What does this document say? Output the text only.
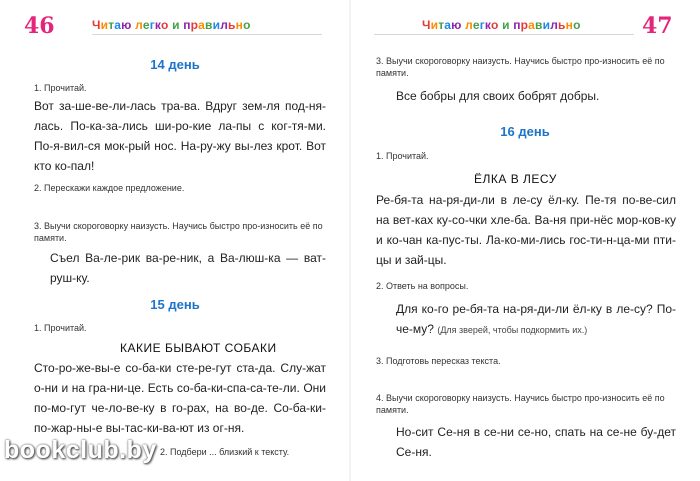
46	Читаю легко и правильно
14 день
1. Прочитай.
Вот за-ше-ве-ли-лась тра-ва. Вдруг зем-ля под-ня-лась. По-ка-за-лись ши-ро-кие ла-пы с ког-тя-ми. По-я-вил-ся мок-рый нос. На-ру-жу вы-лез крот. Вот кто ко-пал!
2. Перескажи каждое предложение.
3. Выучи скороговорку наизусть. Научись быстро про-износить её по памяти.
Съел Ва-ле-рик ва-ре-ник, а Ва-люш-ка — ват-руш-ку.
15 день
1. Прочитай.
КАКИЕ БЫВАЮТ СОБАКИ
Сто-ро-же-вы-е со-ба-ки сте-ре-гут ста-да. Слу-жат о-ни и на гра-ни-це. Есть со-ба-ки-спа-са-те-ли. Они по-мо-гут че-ло-ве-ку в го-рах, на во-де. Со-ба-ки-по-жар-ны-е вы-тас-ки-ва-ют из ог-ня.
2. Подбери ... близкий к тексту.
Читаю легко и правильно	47
3. Выучи скороговорку наизусть. Научись быстро про-износить её по памяти.
Все бобры для своих бобрят добры.
16 день
1. Прочитай.
ЁЛКА В ЛЕСУ
Ре-бя-та на-ря-ди-ли в ле-су ёл-ку. Пе-тя по-ве-сил на вет-ках ку-со-чки хле-ба. Ва-ня при-нёс мор-ков-ку и ко-чан ка-пус-ты. Ла-ко-ми-лись гос-ти-н-ца-ми пти-цы и зай-цы.
2. Ответь на вопросы.
Для ко-го ре-бя-та на-ря-ди-ли ёл-ку в ле-су? По-че-му? (Для зверей, чтобы подкормить их.)
3. Подготовь пересказ текста.
4. Выучи скороговорку наизусть. Научись быстро про-износить её по памяти.
Но-сит Се-ня в се-ни се-но, спать на се-не бу-дет Се-ня.
bookclub.by
